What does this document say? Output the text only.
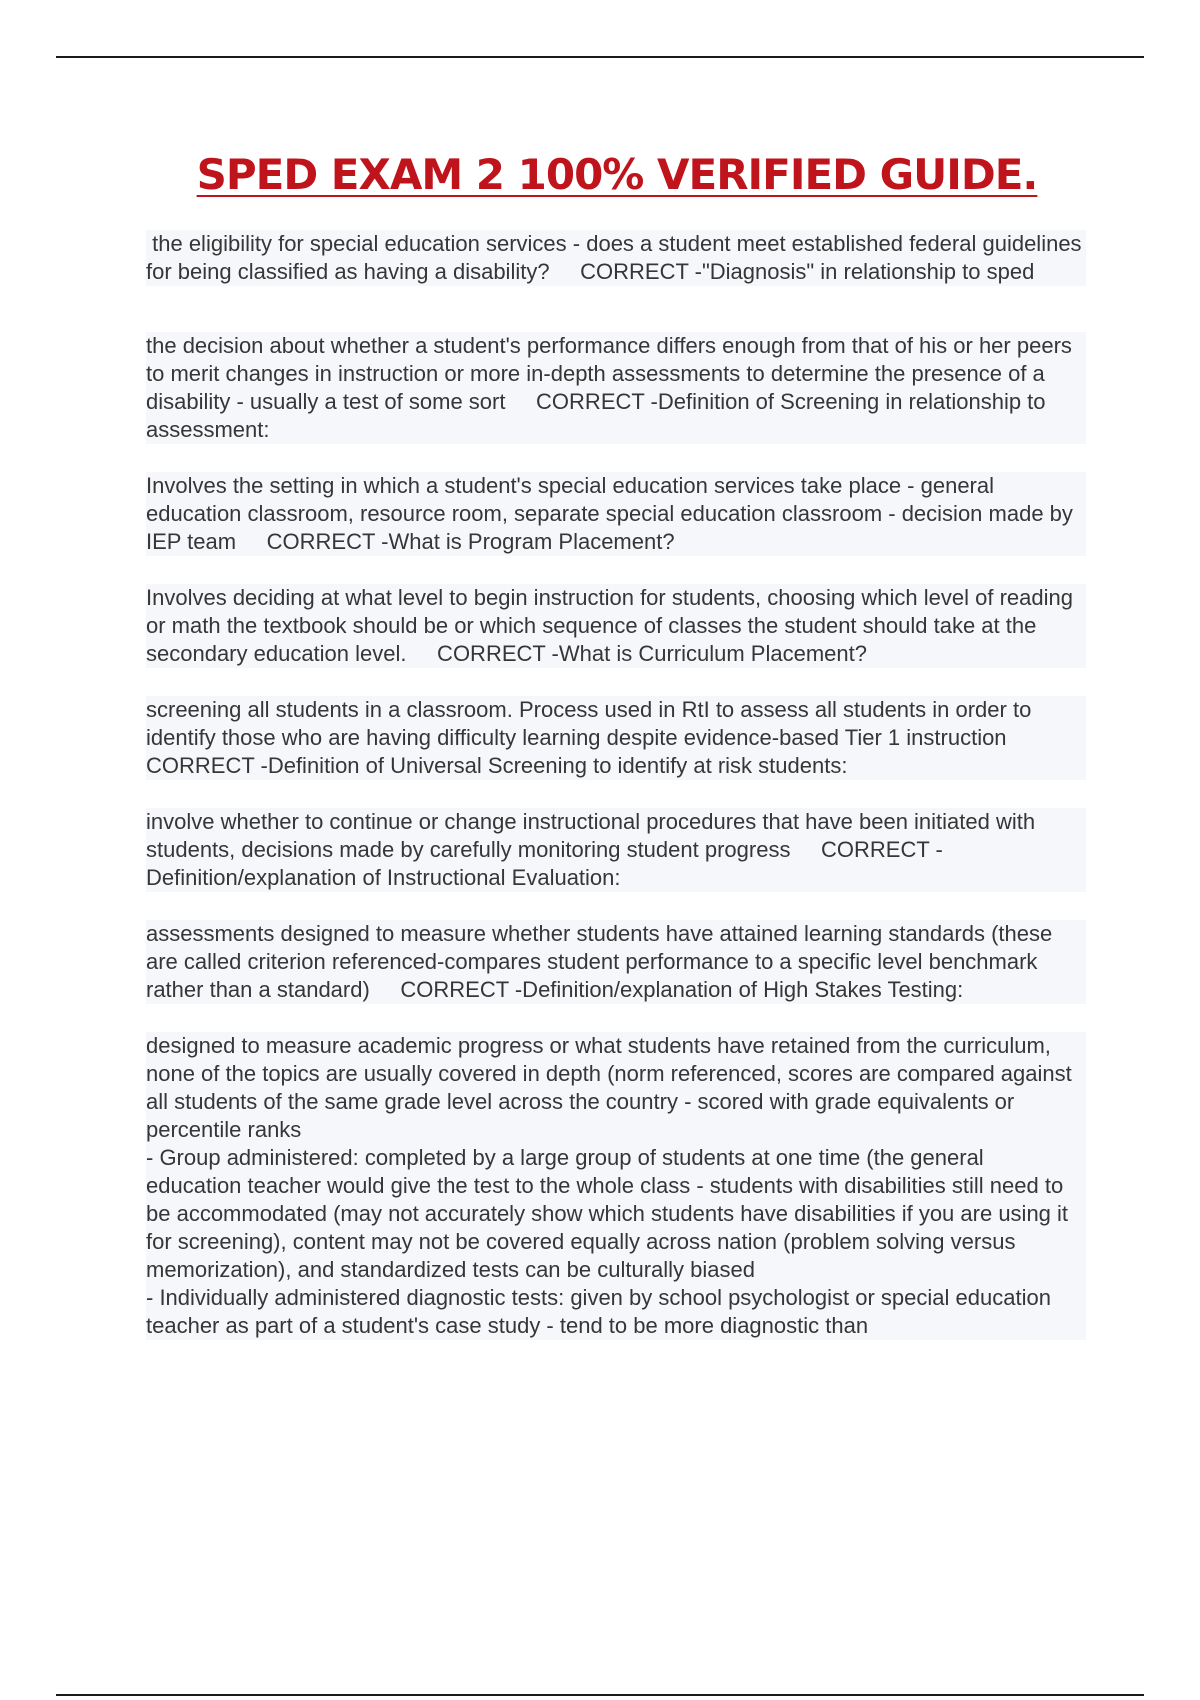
SPED EXAM 2 100% VERIFIED GUIDE.

the eligibility for special education services - does a student meet established federal guidelines for being classified as having a disability?     CORRECT -"Diagnosis" in relationship to sped

the decision about whether a student's performance differs enough from that of his or her peers to merit changes in instruction or more in-depth assessments to determine the presence of a disability - usually a test of some sort     CORRECT -Definition of Screening in relationship to assessment:

Involves the setting in which a student's special education services take place - general education classroom, resource room, separate special education classroom - decision made by IEP team     CORRECT -What is Program Placement?

Involves deciding at what level to begin instruction for students, choosing which level of reading or math the textbook should be or which sequence of classes the student should take at the secondary education level.     CORRECT -What is Curriculum Placement?

screening all students in a classroom. Process used in RtI to assess all students in order to identify those who are having difficulty learning despite evidence-based Tier 1 instruction     CORRECT -Definition of Universal Screening to identify at risk students:

involve whether to continue or change instructional procedures that have been initiated with students, decisions made by carefully monitoring student progress     CORRECT -Definition/explanation of Instructional Evaluation:

assessments designed to measure whether students have attained learning standards (these are called criterion referenced-compares student performance to a specific level benchmark rather than a standard)     CORRECT -Definition/explanation of High Stakes Testing:

designed to measure academic progress or what students have retained from the curriculum, none of the topics are usually covered in depth (norm referenced, scores are compared against all students of the same grade level across the country - scored with grade equivalents or percentile ranks
- Group administered: completed by a large group of students at one time (the general education teacher would give the test to the whole class - students with disabilities still need to be accommodated (may not accurately show which students have disabilities if you are using it for screening), content may not be covered equally across nation (problem solving versus memorization), and standardized tests can be culturally biased
- Individually administered diagnostic tests: given by school psychologist or special education teacher as part of a student's case study - tend to be more diagnostic than
